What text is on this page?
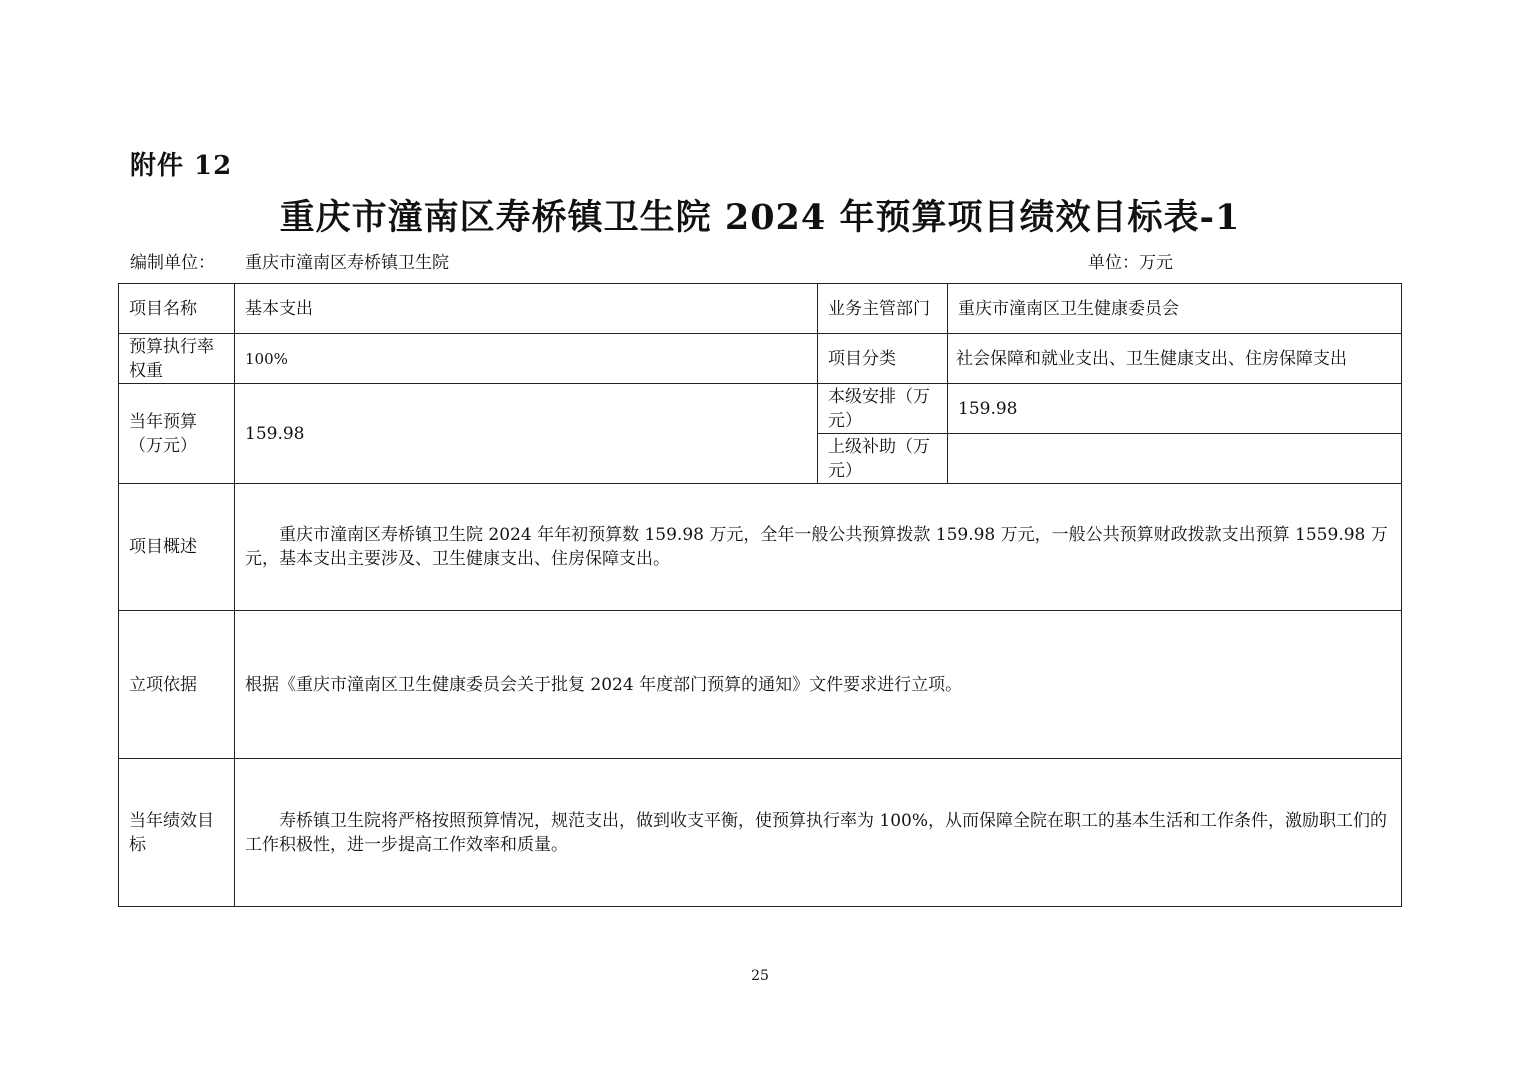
附件 12
重庆市潼南区寿桥镇卫生院 2024 年预算项目绩效目标表-1
编制单位： 重庆市潼南区寿桥镇卫生院	单位：万元
项目名称	基本支出	业务主管部门	重庆市潼南区卫生健康委员会
预算执行率权重	100%	项目分类	社会保障和就业支出、卫生健康支出、住房保障支出
当年预算（万元）	159.98	本级安排（万元）	159.98
		上级补助（万元）	
项目概述	重庆市潼南区寿桥镇卫生院 2024 年年初预算数 159.98 万元，全年一般公共预算拨款 159.98 万元，一般公共预算财政拨款支出预算 1559.98 万元，基本支出主要涉及、卫生健康支出、住房保障支出。		
立项依据	根据《重庆市潼南区卫生健康委员会关于批复 2024 年度部门预算的通知》文件要求进行立项。		
当年绩效目标	寿桥镇卫生院将严格按照预算情况，规范支出，做到收支平衡，使预算执行率为 100%，从而保障全院在职工的基本生活和工作条件，激励职工们的工作积极性，进一步提高工作效率和质量。		
25
